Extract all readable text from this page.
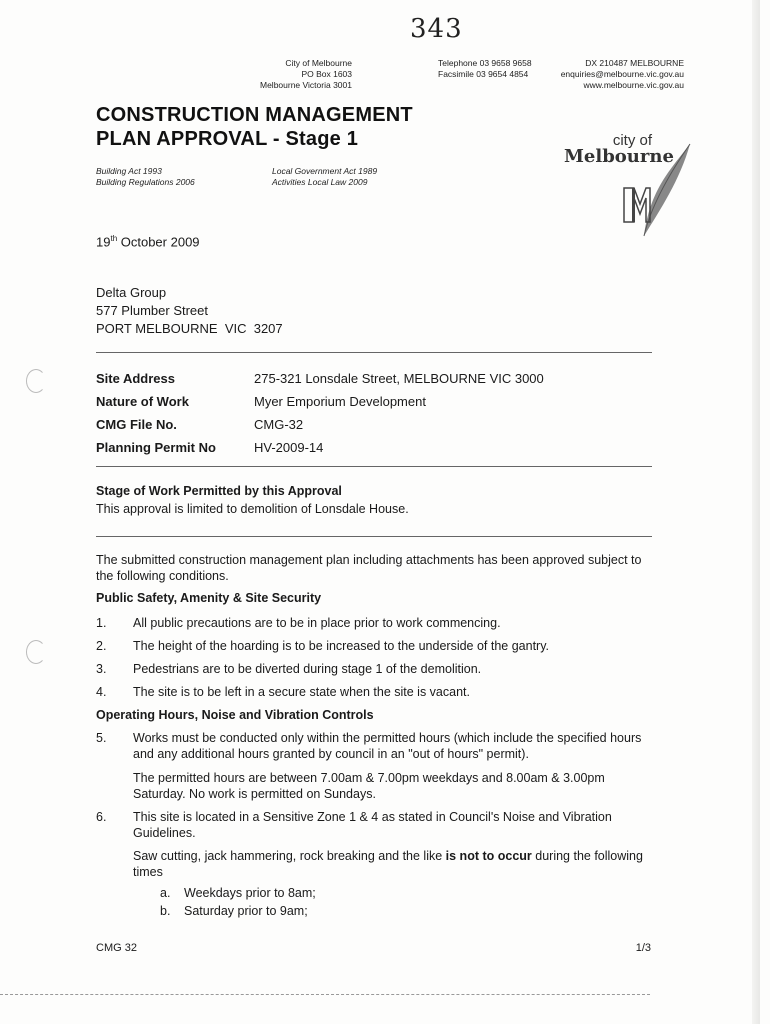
343
City of Melbourne
PO Box 1603
Melbourne Victoria 3001
Telephone 03 9658 9658
Facsimile 03 9654 4854
DX 210487 MELBOURNE
enquiries@melbourne.vic.gov.au
www.melbourne.vic.gov.au
CONSTRUCTION MANAGEMENT
PLAN APPROVAL - Stage 1	city of
Melbourne
Building Act 1993
Building Regulations 2006
Local Government Act 1989
Activities Local Law 2009
19th October 2009
Delta Group
577 Plumber Street
PORT MELBOURNE  VIC  3207
Site Address	275-321 Lonsdale Street, MELBOURNE VIC 3000
Nature of Work	Myer Emporium Development
CMG File No.	CMG-32
Planning Permit No	HV-2009-14
Stage of Work Permitted by this Approval
This approval is limited to demolition of Lonsdale House.
The submitted construction management plan including attachments has been approved subject to the following conditions.
Public Safety, Amenity & Site Security
1. All public precautions are to be in place prior to work commencing.
2. The height of the hoarding is to be increased to the underside of the gantry.
3. Pedestrians are to be diverted during stage 1 of the demolition.
4. The site is to be left in a secure state when the site is vacant.
Operating Hours, Noise and Vibration Controls
5. Works must be conducted only within the permitted hours (which include the specified hours and any additional hours granted by council in an "out of hours" permit).
The permitted hours are between 7.00am & 7.00pm weekdays and 8.00am & 3.00pm Saturday. No work is permitted on Sundays.
6. This site is located in a Sensitive Zone 1 & 4 as stated in Council's Noise and Vibration Guidelines.
Saw cutting, jack hammering, rock breaking and the like is not to occur during the following times
a.	Weekdays prior to 8am;
b.	Saturday prior to 9am;
CMG 32	1/3
